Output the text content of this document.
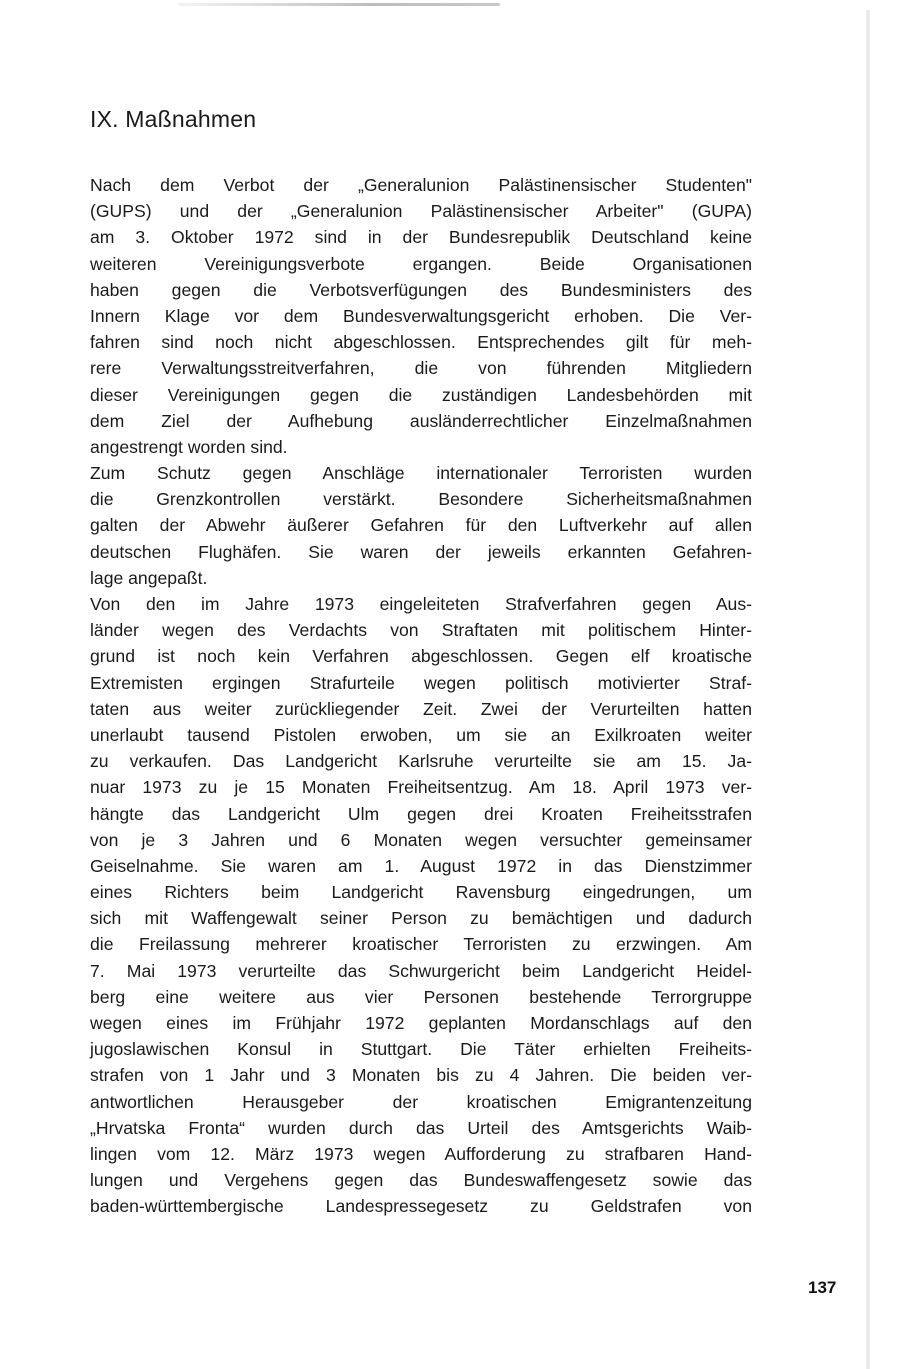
IX. Maßnahmen
Nach dem Verbot der „Generalunion Palästinensischer Studenten"
(GUPS) und der „Generalunion Palästinensischer Arbeiter" (GUPA)
am 3. Oktober 1972 sind in der Bundesrepublik Deutschland keine
weiteren Vereinigungsverbote ergangen. Beide Organisationen
haben gegen die Verbotsverfügungen des Bundesministers des
Innern Klage vor dem Bundesverwaltungsgericht erhoben. Die Ver-
fahren sind noch nicht abgeschlossen. Entsprechendes gilt für meh-
rere Verwaltungsstreitverfahren, die von führenden Mitgliedern
dieser Vereinigungen gegen die zuständigen Landesbehörden mit
dem Ziel der Aufhebung ausländerrechtlicher Einzelmaßnahmen
angestrengt worden sind.
Zum Schutz gegen Anschläge internationaler Terroristen wurden
die Grenzkontrollen verstärkt. Besondere Sicherheitsmaßnahmen
galten der Abwehr äußerer Gefahren für den Luftverkehr auf allen
deutschen Flughäfen. Sie waren der jeweils erkannten Gefahren-
lage angepaßt.
Von den im Jahre 1973 eingeleiteten Strafverfahren gegen Aus-
länder wegen des Verdachts von Straftaten mit politischem Hinter-
grund ist noch kein Verfahren abgeschlossen. Gegen elf kroatische
Extremisten ergingen Strafurteile wegen politisch motivierter Straf-
taten aus weiter zurückliegender Zeit. Zwei der Verurteilten hatten
unerlaubt tausend Pistolen erwoben, um sie an Exilkroaten weiter
zu verkaufen. Das Landgericht Karlsruhe verurteilte sie am 15. Ja-
nuar 1973 zu je 15 Monaten Freiheitsentzug. Am 18. April 1973 ver-
hängte das Landgericht Ulm gegen drei Kroaten Freiheitsstrafen
von je 3 Jahren und 6 Monaten wegen versuchter gemeinsamer
Geiselnahme. Sie waren am 1. August 1972 in das Dienstzimmer
eines Richters beim Landgericht Ravensburg eingedrungen, um
sich mit Waffengewalt seiner Person zu bemächtigen und dadurch
die Freilassung mehrerer kroatischer Terroristen zu erzwingen. Am
7. Mai 1973 verurteilte das Schwurgericht beim Landgericht Heidel-
berg eine weitere aus vier Personen bestehende Terrorgruppe
wegen eines im Frühjahr 1972 geplanten Mordanschlags auf den
jugoslawischen Konsul in Stuttgart. Die Täter erhielten Freiheits-
strafen von 1 Jahr und 3 Monaten bis zu 4 Jahren. Die beiden ver-
antwortlichen Herausgeber der kroatischen Emigrantenzeitung
„Hrvatska Fronta“ wurden durch das Urteil des Amtsgerichts Waib-
lingen vom 12. März 1973 wegen Aufforderung zu strafbaren Hand-
lungen und Vergehens gegen das Bundeswaffengesetz sowie das
baden-württembergische Landespressegesetz zu Geldstrafen von
137
